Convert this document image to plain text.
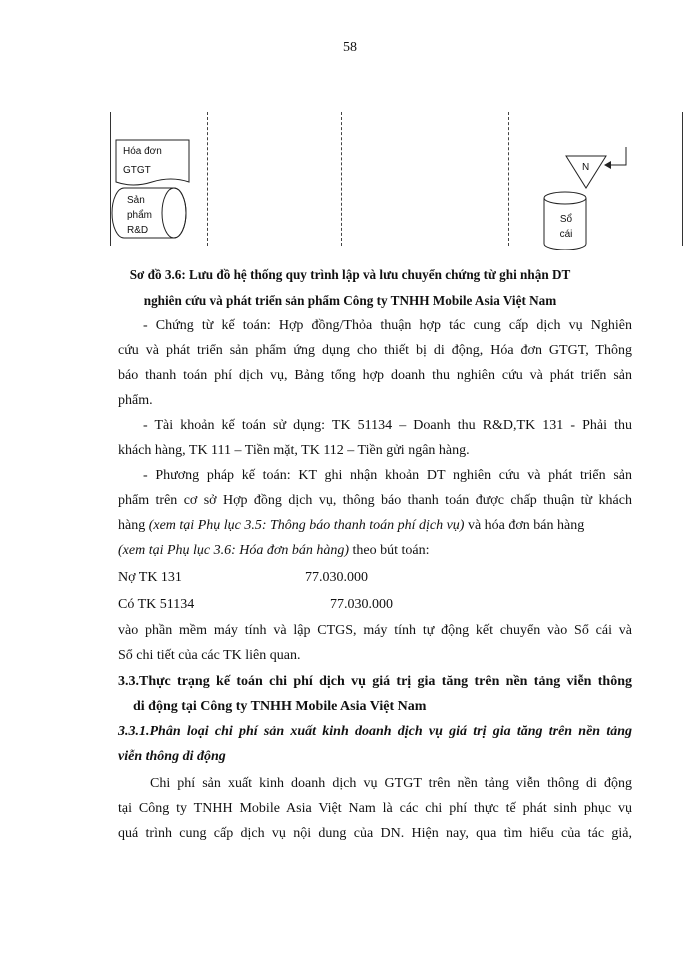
58
Hóa đơn
GTGT
Sản
phẩm
R&D
N
Sổ
cái
Sơ đồ 3.6: Lưu đồ hệ thống quy trình lập và lưu chuyển chứng từ ghi nhận DT
nghiên cứu và phát triển sản phẩm Công ty TNHH Mobile Asia Việt Nam
- Chứng từ kế toán: Hợp đồng/Thỏa thuận hợp tác cung cấp dịch vụ Nghiên
cứu và phát triển sản phẩm ứng dụng cho thiết bị di động, Hóa đơn GTGT, Thông
báo thanh toán phí dịch vụ, Bảng tổng hợp doanh thu nghiên cứu và phát triển sản
phẩm.
- Tài khoản kế toán sử dụng: TK 51134 – Doanh thu R&D,TK 131 - Phải thu
khách hàng, TK 111 – Tiền mặt, TK 112 – Tiền gửi ngân hàng.
- Phương pháp kế toán: KT ghi nhận khoản DT nghiên cứu và phát triển sản
phẩm trên cơ sở Hợp đồng dịch vụ, thông báo thanh toán được chấp thuận từ khách
hàng (xem tại Phụ lục 3.5: Thông báo thanh toán phí dịch vụ) và hóa đơn bán hàng
(xem tại Phụ lục 3.6: Hóa đơn bán hàng) theo bút toán:
Nợ TK 131	77.030.000
Có TK 51134	77.030.000
vào phần mềm máy tính và lập CTGS, máy tính tự động kết chuyển vào Sổ cái và
Sổ chi tiết của các TK liên quan.
3.3.Thực trạng kế toán chi phí dịch vụ giá trị gia tăng trên nền tảng viễn thông
di động tại Công ty TNHH Mobile Asia Việt Nam
3.3.1.Phân loại chi phí sản xuất kinh doanh dịch vụ giá trị gia tăng trên nền tảng
viễn thông di động
Chi phí sản xuất kinh doanh dịch vụ GTGT trên nền tảng viễn thông di động
tại Công ty TNHH Mobile Asia Việt Nam là các chi phí thực tế phát sinh phục vụ
quá trình cung cấp dịch vụ nội dung của DN. Hiện nay, qua tìm hiểu của tác giả,
